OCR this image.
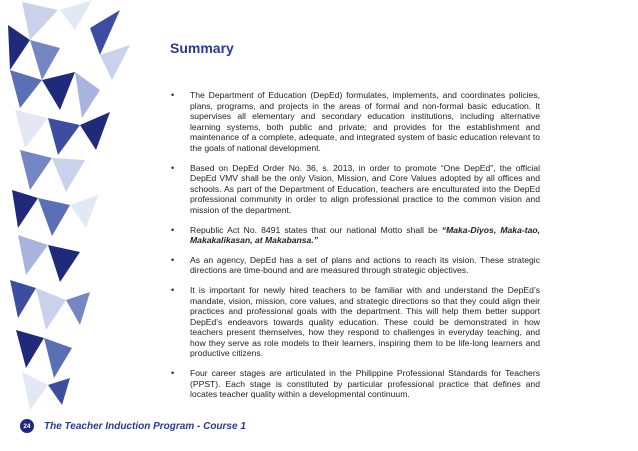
Summary
• The Department of Education (DepEd) formulates, implements, and coordinates policies, plans, programs, and projects in the areas of formal and non-formal basic education. It supervises all elementary and secondary education institutions, including alternative learning systems, both public and private; and provides for the establishment and maintenance of a complete, adequate, and integrated system of basic education relevant to the goals of national development.
• Based on DepEd Order No. 36, s. 2013, in order to promote “One DepEd”, the official DepEd VMV shall be the only Vision, Mission, and Core Values adopted by all offices and schools. As part of the Department of Education, teachers are enculturated into the DepEd professional community in order to align professional practice to the common vision and mission of the department.
• Republic Act No. 8491 states that our national Motto shall be “Maka-Diyos, Maka-tao, Makakalikasan, at Makabansa.”
• As an agency, DepEd has a set of plans and actions to reach its vision. These strategic directions are time-bound and are measured through strategic objectives.
• It is important for newly hired teachers to be familiar with and understand the DepEd’s mandate, vision, mission, core values, and strategic directions so that they could align their practices and professional goals with the department. This will help them better support DepEd’s endeavors towards quality education. These could be demonstrated in how teachers present themselves, how they respond to challenges in everyday teaching, and how they serve as role models to their learners, inspiring them to be life-long learners and productive citizens.
• Four career stages are articulated in the Philippine Professional Standards for Teachers (PPST). Each stage is constituted by particular professional practice that defines and locates teacher quality within a developmental continuum.
24	The Teacher Induction Program - Course 1
